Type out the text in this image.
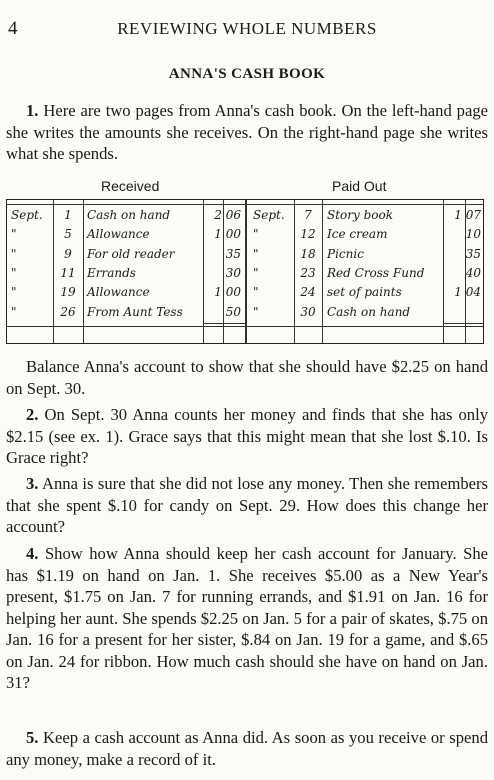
4	REVIEWING WHOLE NUMBERS
ANNA'S CASH BOOK
1. Here are two pages from Anna's cash book. On the left-hand page she writes the amounts she receives. On the right-hand page she writes what she spends.
Received	Paid Out
Sept.	1	Cash on hand	2 06 Sept.	7	Story book	1 07
"	5	Allowance	1 00 "	12 Ice cream	10
"	9	For old reader	35 "	18 Picnic	35
"	11 Errands	30 "	23 Red Cross Fund	40
"	19 Allowance	1 00 "	24 set of paints	1 04
"	26 From Aunt Tess	50 "	30 Cash on hand
Balance Anna's account to show that she should have $2.25 on hand on Sept. 30.
2. On Sept. 30 Anna counts her money and finds that she has only $2.15 (see ex. 1). Grace says that this might mean that she lost $.10. Is Grace right?
3. Anna is sure that she did not lose any money. Then she remembers that she spent $.10 for candy on Sept. 29. How does this change her account?
4. Show how Anna should keep her cash account for January. She has $1.19 on hand on Jan. 1. She receives $5.00 as a New Year's present, $1.75 on Jan. 7 for running errands, and $1.91 on Jan. 16 for helping her aunt. She spends $2.25 on Jan. 5 for a pair of skates, $.75 on Jan. 16 for a present for her sister, $.84 on Jan. 19 for a game, and $.65 on Jan. 24 for ribbon. How much cash should she have on hand on Jan. 31?
5. Keep a cash account as Anna did. As soon as you receive or spend any money, make a record of it.
